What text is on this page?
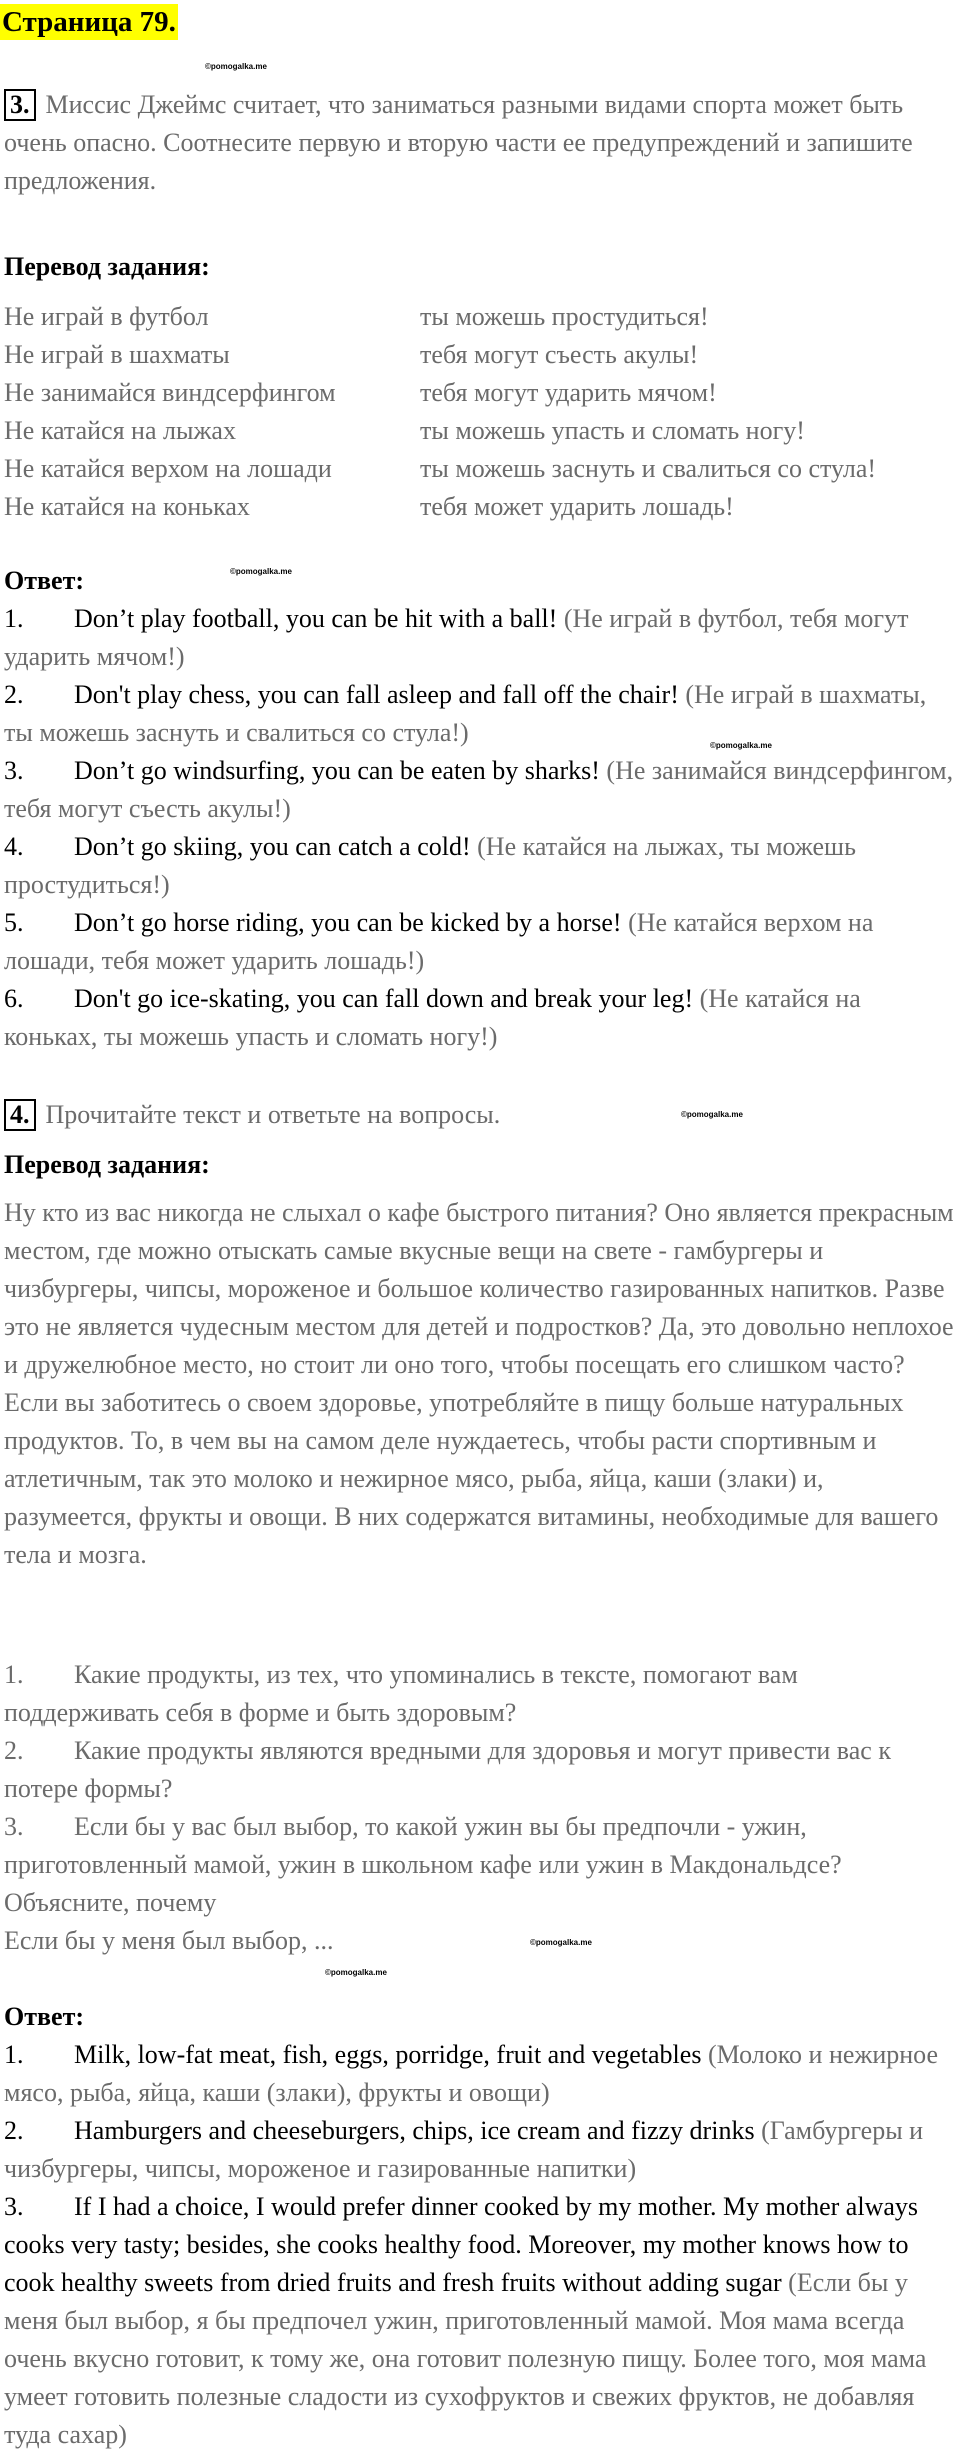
Страница 79.
©pomogalka.me
©pomogalka.me
©pomogalka.me
©pomogalka.me
©pomogalka.me
©pomogalka.me

3. Миссис Джеймс считает, что заниматься разными видами спорта может быть очень опасно. Соотнесите первую и вторую части ее предупреждений и запишите предложения.

Перевод задания:
Не играй в футбол	ты можешь простудиться!
Не играй в шахматы	тебя могут съесть акулы!
Не занимайся виндсерфингом	тебя могут ударить мячом!
Не катайся на лыжах	ты можешь упасть и сломать ногу!
Не катайся верхом на лошади	ты можешь заснуть и свалиться со стула!
Не катайся на коньках	тебя может ударить лошадь!
Ответ:

1. Don’t play football, you can be hit with a ball! (Не играй в футбол, тебя могут ударить мячом!)

2. Don't play chess, you can fall asleep and fall off the chair! (Не играй в шахматы, ты можешь заснуть и свалиться со стула!)

3. Don’t go windsurfing, you can be eaten by sharks! (Не занимайся виндсерфингом, тебя могут съесть акулы!)

4. Don’t go skiing, you can catch a cold! (Не катайся на лыжах, ты можешь простудиться!)

5. Don’t go horse riding, you can be kicked by a horse! (Не катайся верхом на лошади, тебя может ударить лошадь!)

6. Don't go ice-skating, you can fall down and break your leg! (Не катайся на коньках, ты можешь упасть и сломать ногу!)

4. Прочитайте текст и ответьте на вопросы.

Перевод задания:

Ну кто из вас никогда не слыхал о кафе быстрого питания? Оно является прекрасным местом, где можно отыскать самые вкусные вещи на свете - гамбургеры и чизбургеры, чипсы, мороженое и большое количество газированных напитков. Разве это не является чудесным местом для детей и подростков? Да, это довольно неплохое и дружелюбное место, но стоит ли оно того, чтобы посещать его слишком часто?

Если вы заботитесь о своем здоровье, употребляйте в пищу больше натуральных продуктов. То, в чем вы на самом деле нуждаетесь, чтобы расти спортивным и атлетичным, так это молоко и нежирное мясо, рыба, яйца, каши (злаки) и, разумеется, фрукты и овощи. В них содержатся витамины, необходимые для вашего тела и мозга.

1. Какие продукты, из тех, что упоминались в тексте, помогают вам поддерживать себя в форме и быть здоровым?

2. Какие продукты являются вредными для здоровья и могут привести вас к потере формы?

3. Если бы у вас был выбор, то какой ужин вы бы предпочли - ужин, приготовленный мамой, ужин в школьном кафе или ужин в Макдональдсе? Объясните, почему

Если бы у меня был выбор, ...

Ответ:

1. Milk, low-fat meat, fish, eggs, porridge, fruit and vegetables (Молоко и нежирное мясо, рыба, яйца, каши (злаки), фрукты и овощи)

2. Hamburgers and cheeseburgers, chips, ice cream and fizzy drinks (Гамбургеры и чизбургеры, чипсы, мороженое и газированные напитки)

3. If I had a choice, I would prefer dinner cooked by my mother. My mother always cooks very tasty; besides, she cooks healthy food. Moreover, my mother knows how to cook healthy sweets from dried fruits and fresh fruits without adding sugar (Если бы у меня был выбор, я бы предпочел ужин, приготовленный мамой. Моя мама всегда очень вкусно готовит, к тому же, она готовит полезную пищу. Более того, моя мама умеет готовить полезные сладости из сухофруктов и свежих фруктов, не добавляя туда сахар)
